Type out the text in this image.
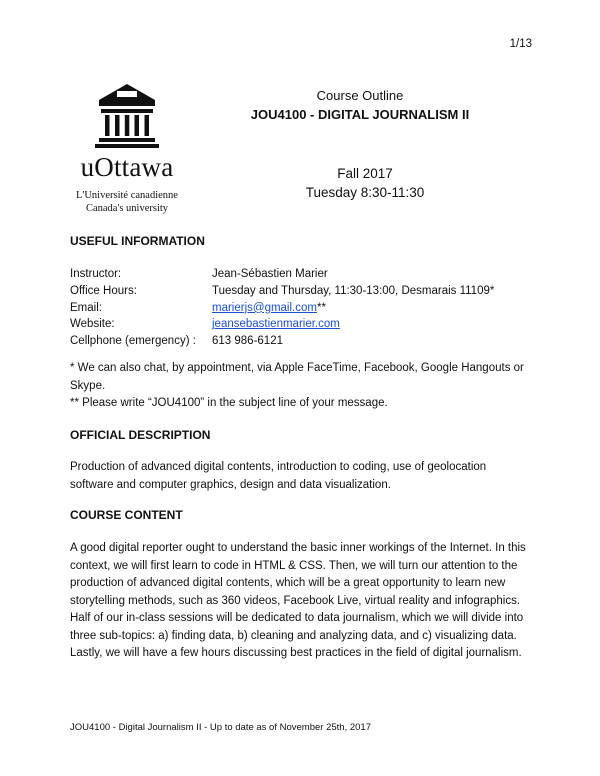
1/13
uOttawa
L'Université canadienne
Canada's university
Course Outline
JOU4100 - DIGITAL JOURNALISM II
Fall 2017
Tuesday 8:30-11:30
USEFUL INFORMATION
Instructor:	Jean-Sébastien Marier
Office Hours:	Tuesday and Thursday, 11:30-13:00, Desmarais 11109*
Email:	marierjs@gmail.com**
Website:	jeansebastienmarier.com
Cellphone (emergency) :	613 986-6121
* We can also chat, by appointment, via Apple FaceTime, Facebook, Google Hangouts or Skype.
** Please write “JOU4100” in the subject line of your message.
OFFICIAL DESCRIPTION
Production of advanced digital contents, introduction to coding, use of geolocation software and computer graphics, design and data visualization.
COURSE CONTENT
A good digital reporter ought to understand the basic inner workings of the Internet. In this context, we will first learn to code in HTML & CSS. Then, we will turn our attention to the production of advanced digital contents, which will be a great opportunity to learn new storytelling methods, such as 360 videos, Facebook Live, virtual reality and infographics. Half of our in-class sessions will be dedicated to data journalism, which we will divide into three sub-topics: a) finding data, b) cleaning and analyzing data, and c) visualizing data. Lastly, we will have a few hours discussing best practices in the field of digital journalism.
JOU4100 - Digital Journalism II - Up to date as of November 25th, 2017
